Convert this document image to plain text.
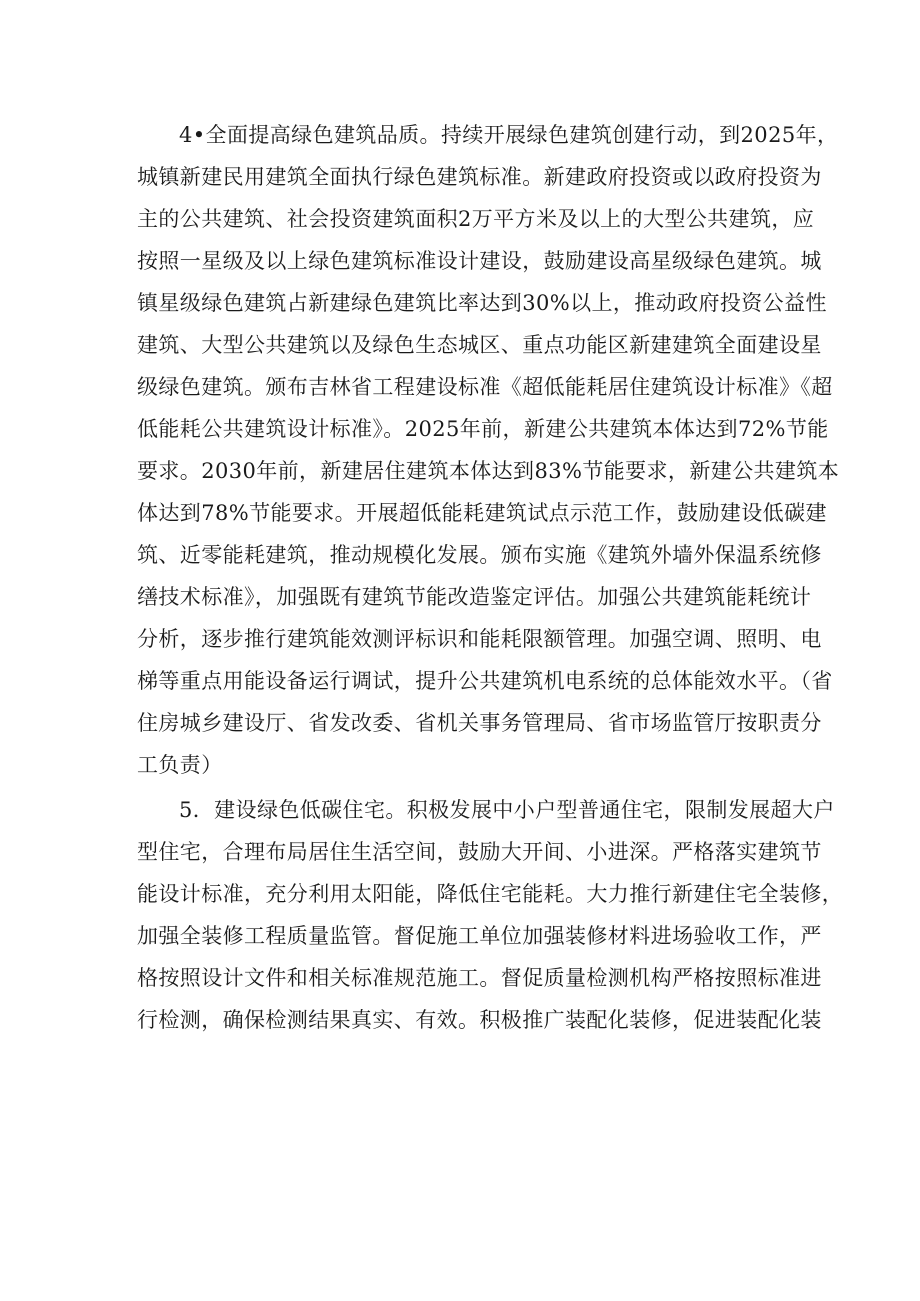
4•全面提高绿色建筑品质。持续开展绿色建筑创建行动，到2025年，
城镇新建民用建筑全面执行绿色建筑标准。新建政府投资或以政府投资为
主的公共建筑、社会投资建筑面积2万平方米及以上的大型公共建筑，应
按照一星级及以上绿色建筑标准设计建设，鼓励建设高星级绿色建筑。城
镇星级绿色建筑占新建绿色建筑比率达到30%以上，推动政府投资公益性
建筑、大型公共建筑以及绿色生态城区、重点功能区新建建筑全面建设星
级绿色建筑。颁布吉林省工程建设标准《超低能耗居住建筑设计标准》《超
低能耗公共建筑设计标准》。2025年前，新建公共建筑本体达到72%节能
要求。2030年前，新建居住建筑本体达到83%节能要求，新建公共建筑本
体达到78%节能要求。开展超低能耗建筑试点示范工作，鼓励建设低碳建
筑、近零能耗建筑，推动规模化发展。颁布实施《建筑外墙外保温系统修
缮技术标准》，加强既有建筑节能改造鉴定评估。加强公共建筑能耗统计
分析，逐步推行建筑能效测评标识和能耗限额管理。加强空调、照明、电
梯等重点用能设备运行调试，提升公共建筑机电系统的总体能效水平。（省
住房城乡建设厅、省发改委、省机关事务管理局、省市场监管厅按职责分
工负责）
5．建设绿色低碳住宅。积极发展中小户型普通住宅，限制发展超大户
型住宅，合理布局居住生活空间，鼓励大开间、小进深。严格落实建筑节
能设计标准，充分利用太阳能，降低住宅能耗。大力推行新建住宅全装修，
加强全装修工程质量监管。督促施工单位加强装修材料进场验收工作，严
格按照设计文件和相关标准规范施工。督促质量检测机构严格按照标准进
行检测，确保检测结果真实、有效。积极推广装配化装修，促进装配化装
